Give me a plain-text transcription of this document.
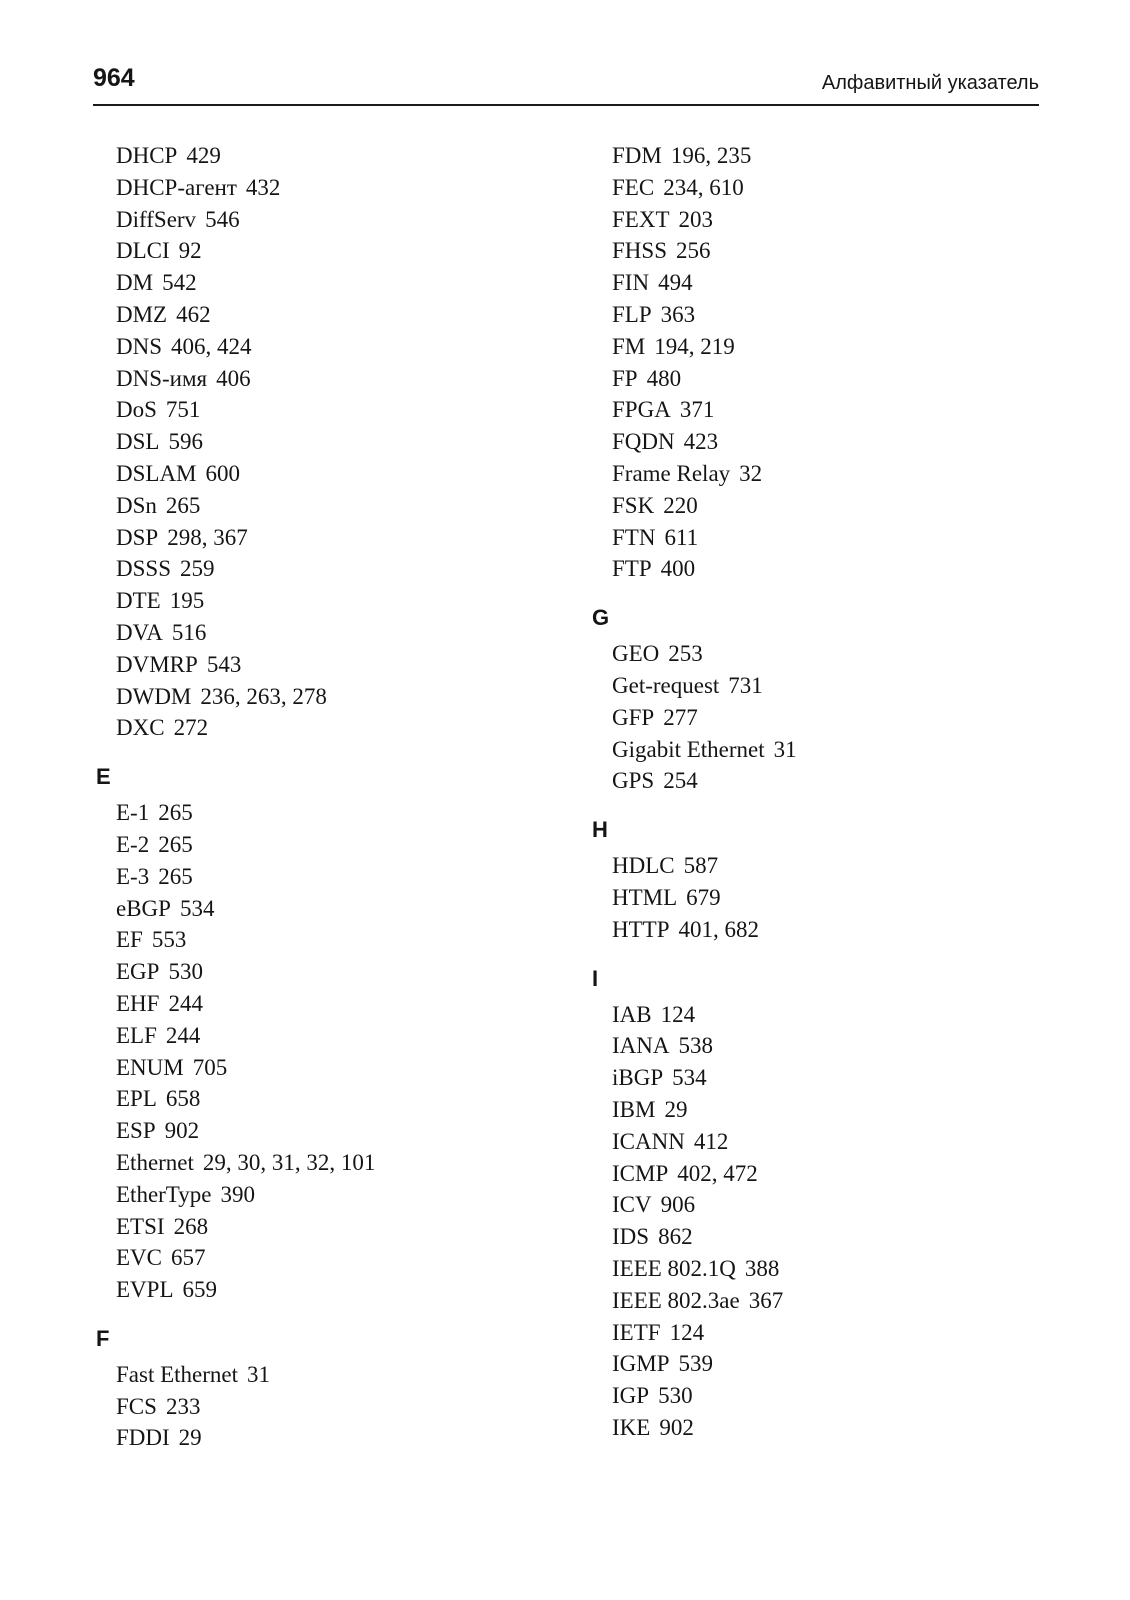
964	Алфавитный указатель
DHCP 429
DHCP-агент 432
DiffServ 546
DLCI 92
DM 542
DMZ 462
DNS 406, 424
DNS-имя 406
DoS 751
DSL 596
DSLAM 600
DSn 265
DSP 298, 367
DSSS 259
DTE 195
DVA 516
DVMRP 543
DWDM 236, 263, 278
DXC 272
E
E-1 265
E-2 265
E-3 265
eBGP 534
EF 553
EGP 530
EHF 244
ELF 244
ENUM 705
EPL 658
ESP 902
Ethernet 29, 30, 31, 32, 101
EtherType 390
ETSI 268
EVC 657
EVPL 659
F
Fast Ethernet 31
FCS 233
FDDI 29
FDM 196, 235
FEC 234, 610
FEXT 203
FHSS 256
FIN 494
FLP 363
FM 194, 219
FP 480
FPGA 371
FQDN 423
Frame Relay 32
FSK 220
FTN 611
FTP 400
G
GEO 253
Get-request 731
GFP 277
Gigabit Ethernet 31
GPS 254
H
HDLC 587
HTML 679
HTTP 401, 682
I
IAB 124
IANA 538
iBGP 534
IBM 29
ICANN 412
ICMP 402, 472
ICV 906
IDS 862
IEEE 802.1Q 388
IEEE 802.3ae 367
IETF 124
IGMP 539
IGP 530
IKE 902
